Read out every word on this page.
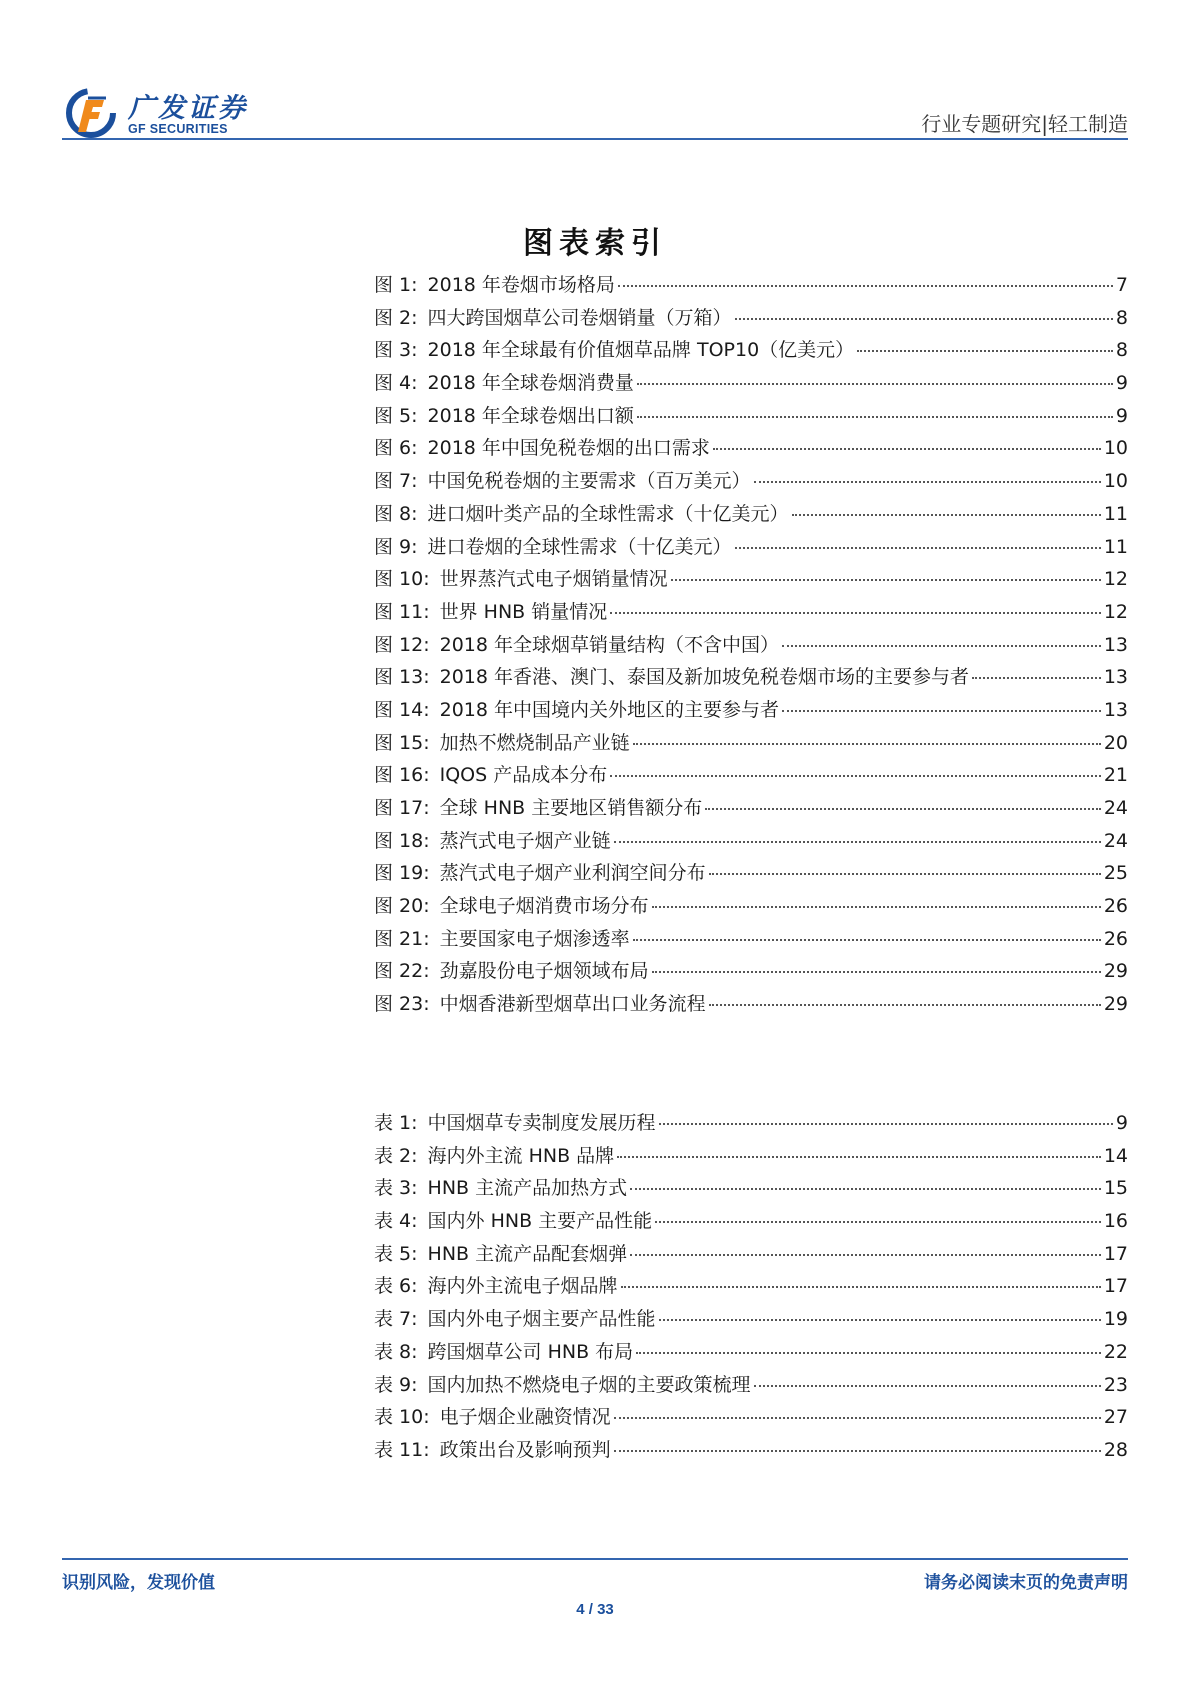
广发证券
GF SECURITIES	行业专题研究|轻工制造
图表索引
图 1: 2018 年卷烟市场格局	7
图 2: 四大跨国烟草公司卷烟销量（万箱）	8
图 3: 2018 年全球最有价值烟草品牌 TOP10（亿美元）	8
图 4: 2018 年全球卷烟消费量	9
图 5: 2018 年全球卷烟出口额	9
图 6: 2018 年中国免税卷烟的出口需求	10
图 7: 中国免税卷烟的主要需求（百万美元）	10
图 8: 进口烟叶类产品的全球性需求（十亿美元）	11
图 9: 进口卷烟的全球性需求（十亿美元）	11
图 10: 世界蒸汽式电子烟销量情况	12
图 11: 世界 HNB 销量情况	12
图 12: 2018 年全球烟草销量结构（不含中国）	13
图 13: 2018 年香港、澳门、泰国及新加坡免税卷烟市场的主要参与者	13
图 14: 2018 年中国境内关外地区的主要参与者	13
图 15: 加热不燃烧制品产业链	20
图 16: IQOS 产品成本分布	21
图 17: 全球 HNB 主要地区销售额分布	24
图 18: 蒸汽式电子烟产业链	24
图 19: 蒸汽式电子烟产业利润空间分布	25
图 20: 全球电子烟消费市场分布	26
图 21: 主要国家电子烟渗透率	26
图 22: 劲嘉股份电子烟领域布局	29
图 23: 中烟香港新型烟草出口业务流程	29
表 1: 中国烟草专卖制度发展历程	9
表 2: 海内外主流 HNB 品牌	14
表 3: HNB 主流产品加热方式	15
表 4: 国内外 HNB 主要产品性能	16
表 5: HNB 主流产品配套烟弹	17
表 6: 海内外主流电子烟品牌	17
表 7: 国内外电子烟主要产品性能	19
表 8: 跨国烟草公司 HNB 布局	22
表 9: 国内加热不燃烧电子烟的主要政策梳理	23
表 10: 电子烟企业融资情况	27
表 11: 政策出台及影响预判	28
识别风险，发现价值	请务必阅读末页的免责声明
4 / 33
